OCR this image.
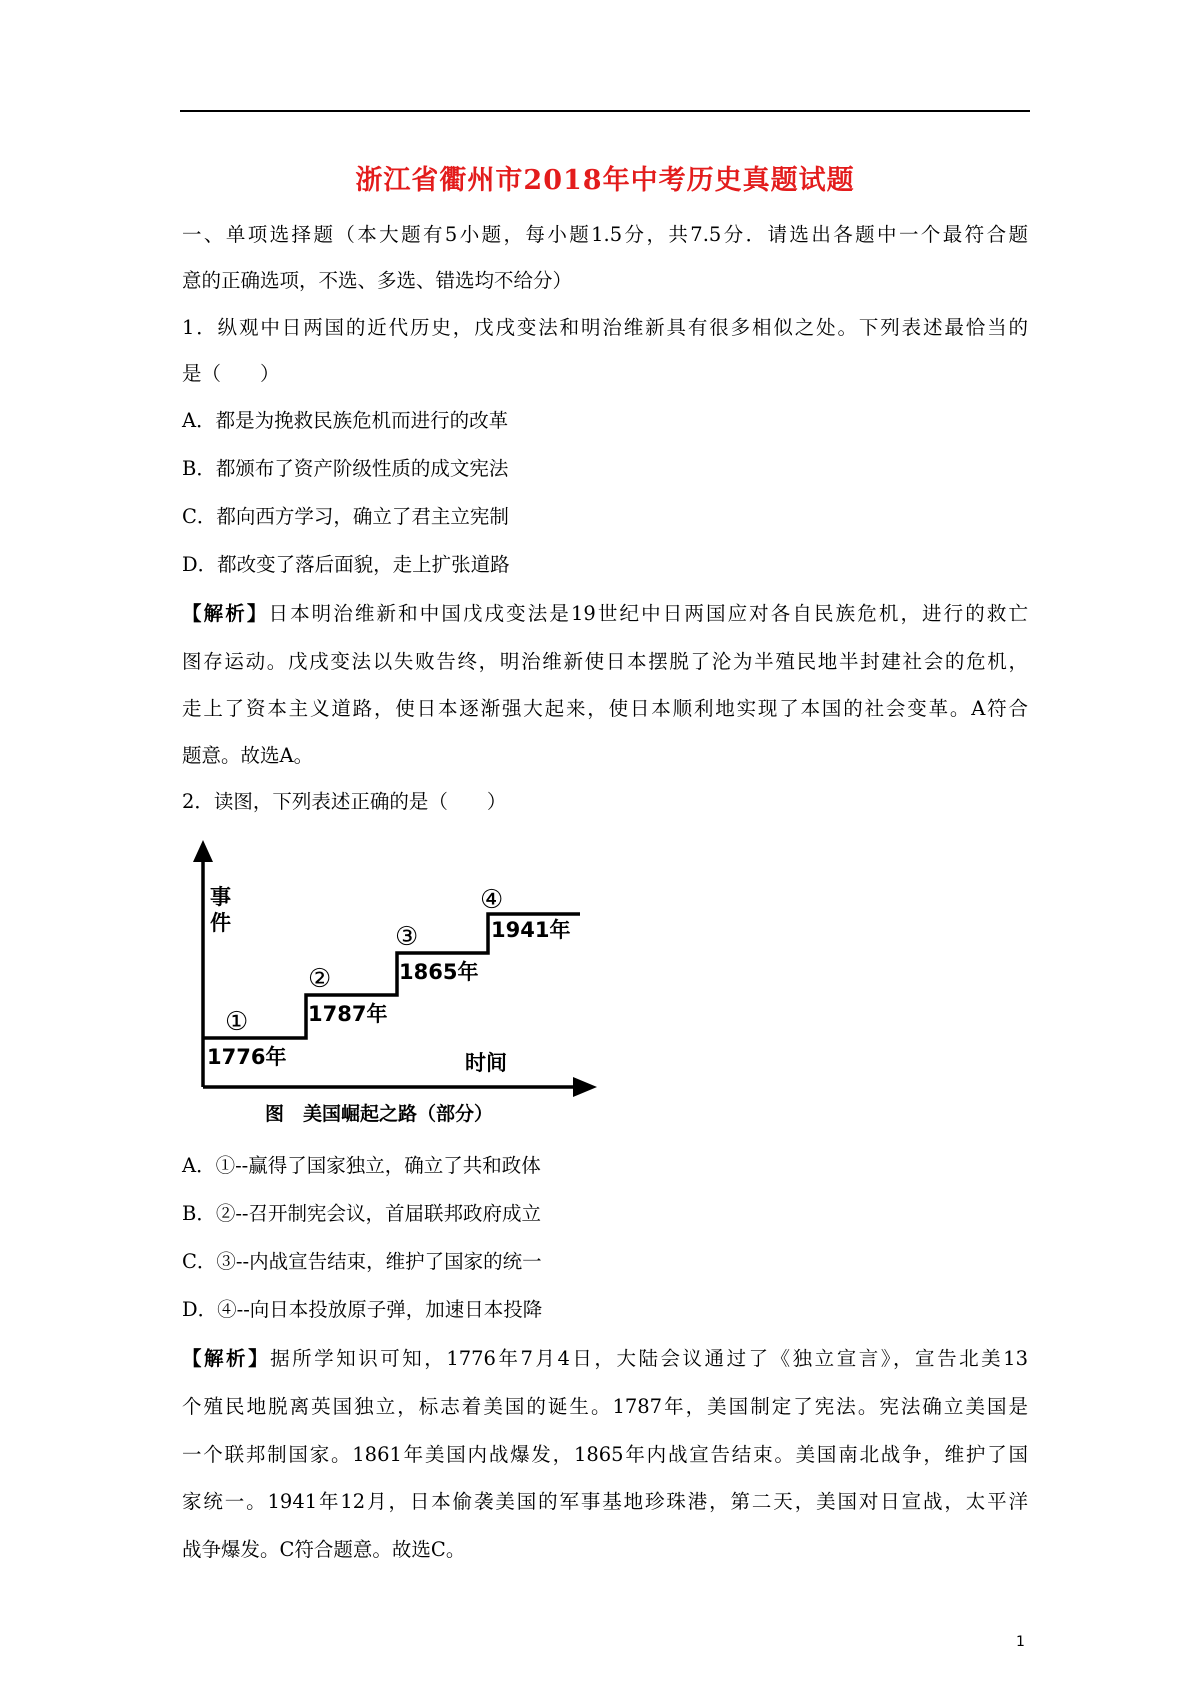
浙江省衢州市2018年中考历史真题试题
一、单项选择题（本大题有5小题，每小题1.5分，共7.5分．请选出各题中一个最符合题
意的正确选项，不选、多选、错选均不给分）
1．纵观中日两国的近代历史，戊戌变法和明治维新具有很多相似之处。下列表述最恰当的
是（　　）
A．都是为挽救民族危机而进行的改革
B．都颁布了资产阶级性质的成文宪法
C．都向西方学习，确立了君主立宪制
D．都改变了落后面貌，走上扩张道路
【解析】日本明治维新和中国戊戌变法是19世纪中日两国应对各自民族危机，进行的救亡
图存运动。戊戌变法以失败告终，明治维新使日本摆脱了沦为半殖民地半封建社会的危机，
走上了资本主义道路，使日本逐渐强大起来，使日本顺利地实现了本国的社会变革。A符合
题意。故选A。
2．读图，下列表述正确的是（　　）
事
件
①
1776年
②
1787年
③
1865年
④
1941年
时间
图　美国崛起之路（部分）
A．①--赢得了国家独立，确立了共和政体
B．②--召开制宪会议，首届联邦政府成立
C．③--内战宣告结束，维护了国家的统一
D．④--向日本投放原子弹，加速日本投降
【解析】据所学知识可知，1776年7月4日，大陆会议通过了《独立宣言》，宣告北美13
个殖民地脱离英国独立，标志着美国的诞生。1787年，美国制定了宪法。宪法确立美国是
一个联邦制国家。1861年美国内战爆发，1865年内战宣告结束。美国南北战争，维护了国
家统一。1941年12月，日本偷袭美国的军事基地珍珠港，第二天，美国对日宣战，太平洋
战争爆发。C符合题意。故选C。
1
